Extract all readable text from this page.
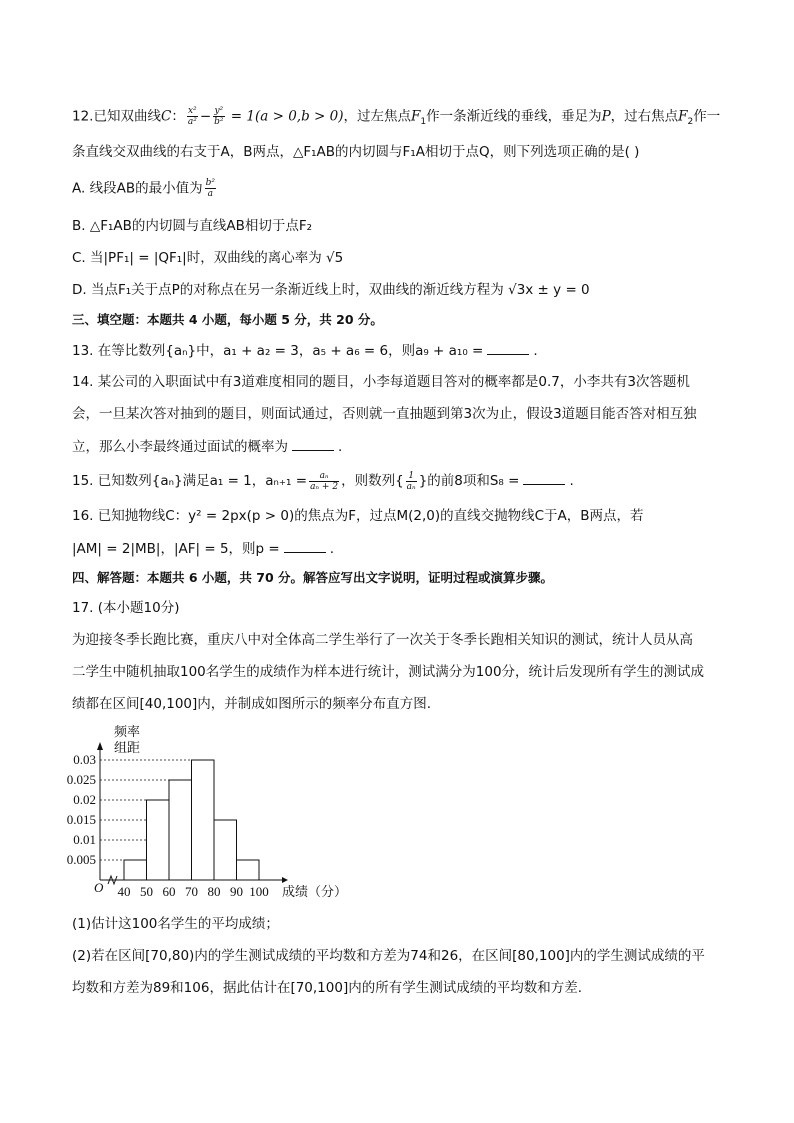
12.已知双曲线C： $\frac{\text{x²}}{\text{a²}} - \frac{\text{y²}}{\text{b²}} = 1(a > 0,b > 0)$，过左焦点$F_1$作一条渐近线的垂线，垂足为P，过右焦点$F_2$作一
条直线交双曲线的右支于A，B两点，△F₁AB的内切圆与F₁A相切于点Q，则下列选项正确的是( )
A. 线段AB的最小值为 $\frac{\text{b²}}{a}$
B. △F₁AB的内切圆与直线AB相切于点F₂
C. 当|PF₁| = |QF₁|时，双曲线的离心率为 √5
D. 当点F₁关于点P的对称点在另一条渐近线上时，双曲线的渐近线方程为 √3x ± y = 0
三、填空题：本题共 4 小题，每小题 5 分，共 20 分。
13. 在等比数列{aₙ}中，a₁ + a₂ = 3，a₅ + a₆ = 6，则a₉ + a₁₀ =	.
14. 某公司的入职面试中有3道难度相同的题目，小李每道题目答对的概率都是0.7，小李共有3次答题机
会，一旦某次答对抽到的题目，则面试通过，否则就一直抽题到第3次为止，假设3道题目能否答对相互独
立，那么小李最终通过面试的概率为	.
15. 已知数列{aₙ}满足a₁ = 1，$a_{n+1} = \frac{\text{aₙ}}{\text{aₙ + 2}}$ ，则数列{ $\frac{1}{\text{aₙ}}$ }的前8项和S₈ =	.
16. 已知抛物线C：y² = 2px(p > 0)的焦点为F，过点M(2,0)的直线交抛物线C于A，B两点，若
|AM| = 2|MB|，|AF| = 5，则p =	.
四、解答题：本题共 6 小题，共 70 分。解答应写出文字说明，证明过程或演算步骤。
17. (本小题10分)
为迎接冬季长跑比赛，重庆八中对全体高二学生举行了一次关于冬季长跑相关知识的测试，统计人员从高
二学生中随机抽取100名学生的成绩作为样本进行统计，测试满分为100分，统计后发现所有学生的测试成
绩都在区间[40,100]内，并制成如图所示的频率分布直方图.
频率
组距
0.03
0.025
0.02
0.015
0.01
0.005
40 50 60 70 80 90 100 成绩（分）
O
(1)估计这100名学生的平均成绩；
(2)若在区间[70,80)内的学生测试成绩的平均数和方差为74和26，在区间[80,100]内的学生测试成绩的平
均数和方差为89和106，据此估计在[70,100]内的所有学生测试成绩的平均数和方差.
